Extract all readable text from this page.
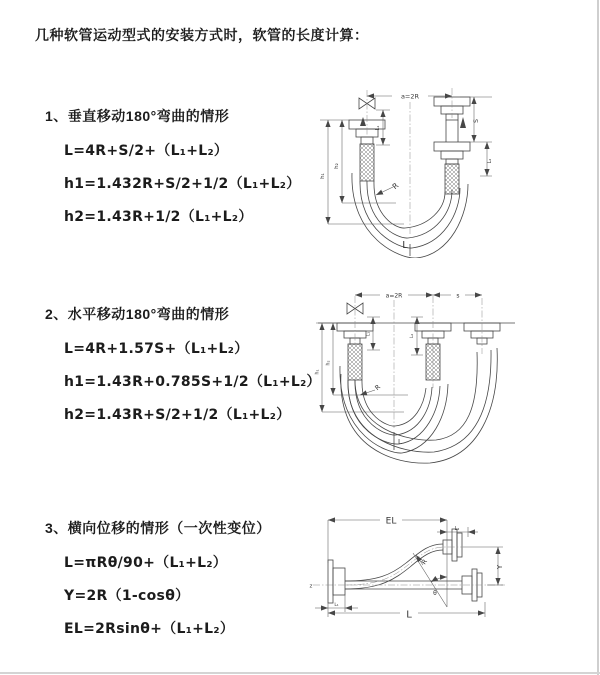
几种软管运动型式的安装方式时，软管的长度计算：
1、垂直移动180°弯曲的情形
L=4R+S/2+（L₁+L₂）
h1=1.432R+S/2+1/2（L₁+L₂）
h2=1.43R+1/2（L₁+L₂）
2、水平移动180°弯曲的情形
L=4R+1.57S+（L₁+L₂）
h1=1.43R+0.785S+1/2（L₁+L₂）
h2=1.43R+S/2+1/2（L₁+L₂）
3、横向位移的情形（一次性变位）
L=πRθ/90+（L₁+L₂）
Y=2R（1-cosθ）
EL=2Rsinθ+（L₁+L₂）
a=2R
h₁
h₂
L₁
S
L₂
R
L
a=2R	s
h₁
h₂
L₁	L₂
R
L
z
EL
L₂
θ
R
Y
L
L₁
